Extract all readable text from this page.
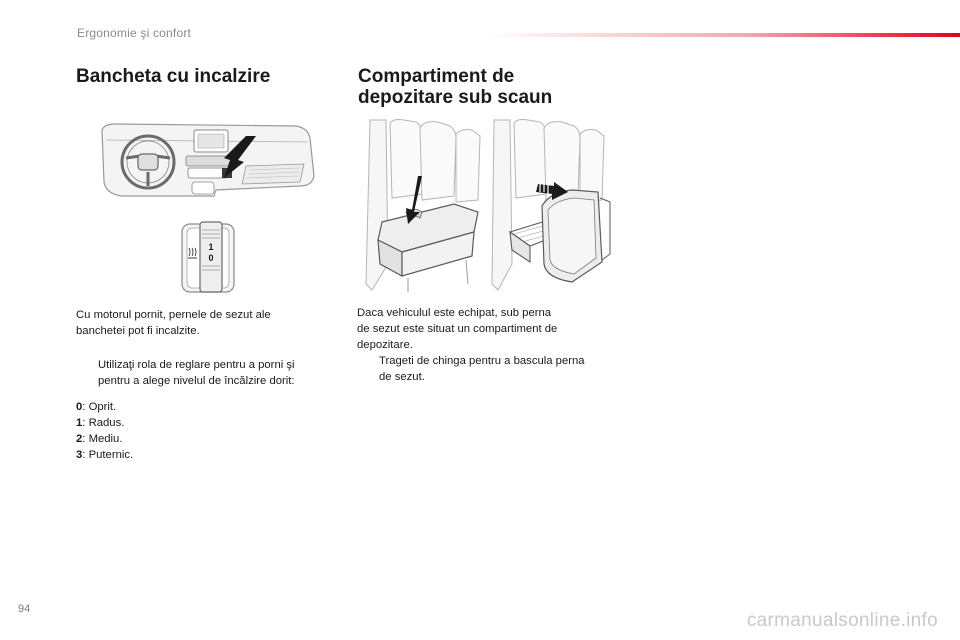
Ergonomie şi confort
Bancheta cu incalzire
1
0
Cu motorul pornit, pernele de sezut ale
banchetei pot fi incalzite.
Utilizaţi rola de reglare pentru a porni şi
pentru a alege nivelul de încălzire dorit:
0: Oprit.
1: Radus.
2: Mediu.
3: Puternic.
Compartiment de
depozitare sub scaun
Daca vehiculul este echipat, sub perna
de sezut este situat un compartiment de
depozitare.
Trageti de chinga pentru a bascula perna
de sezut.
94
carmanualsonline.info
